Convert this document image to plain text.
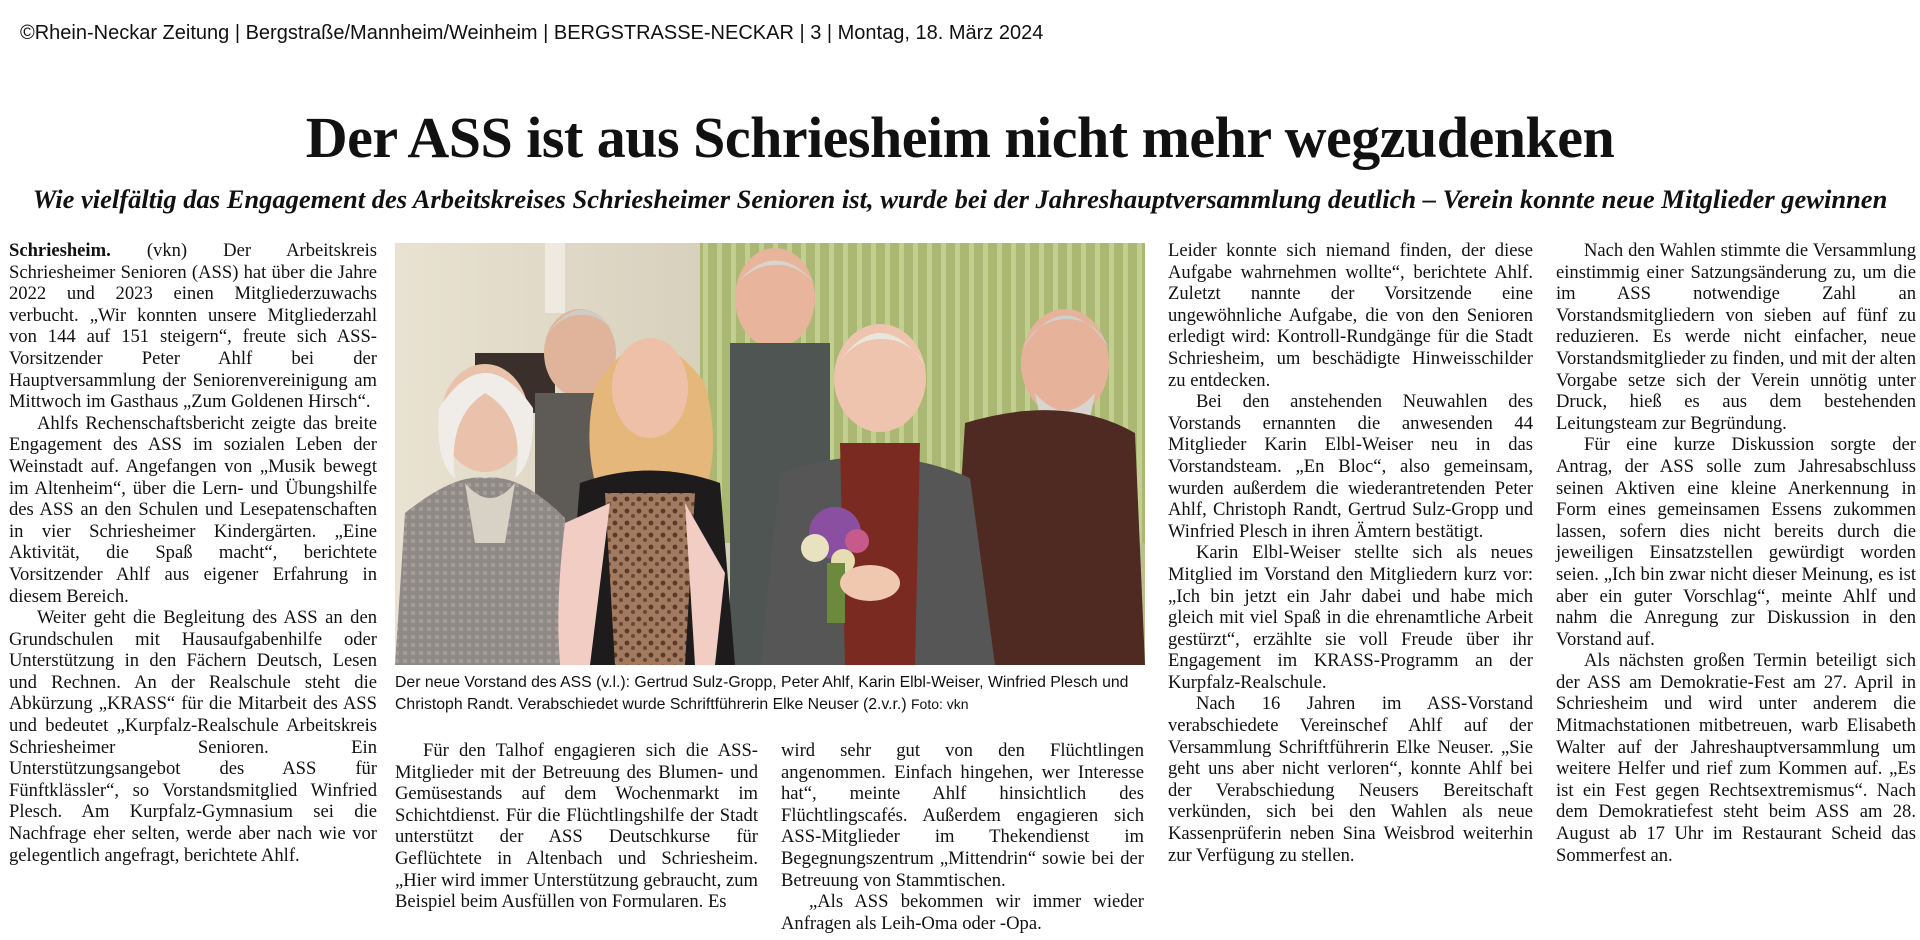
©Rhein-Neckar Zeitung | Bergstraße/Mannheim/Weinheim | BERGSTRASSE-NECKAR | 3 | Montag, 18. März 2024
Der ASS ist aus Schriesheim nicht mehr wegzudenken
Wie vielfältig das Engagement des Arbeitskreises Schriesheimer Senioren ist, wurde bei der Jahreshauptversammlung deutlich – Verein konnte neue Mitglieder gewinnen

Schriesheim. (vkn) Der Arbeitskreis Schriesheimer Senioren (ASS) hat über die Jahre 2022 und 2023 einen Mitgliederzuwachs verbucht. „Wir konnten unsere Mitgliederzahl von 144 auf 151 steigern“, freute sich ASS-Vorsitzender Peter Ahlf bei der Hauptversammlung der Seniorenvereinigung am Mittwoch im Gasthaus „Zum Goldenen Hirsch“.

Ahlfs Rechenschaftsbericht zeigte das breite Engagement des ASS im sozialen Leben der Weinstadt auf. Angefangen von „Musik bewegt im Altenheim“, über die Lern- und Übungshilfe des ASS an den Schulen und Lesepatenschaften in vier Schriesheimer Kindergärten. „Eine Aktivität, die Spaß macht“, berichtete Vorsitzender Ahlf aus eigener Erfahrung in diesem Bereich.

Weiter geht die Begleitung des ASS an den Grundschulen mit Hausaufgabenhilfe oder Unterstützung in den Fächern Deutsch, Lesen und Rechnen. An der Realschule steht die Abkürzung „KRASS“ für die Mitarbeit des ASS und bedeutet „Kurpfalz-Realschule Arbeitskreis Schriesheimer Senioren. Ein Unterstützungsangebot des ASS für Fünftklässler“, so Vorstandsmitglied Winfried Plesch. Am Kurpfalz-Gymnasium sei die Nachfrage eher selten, werde aber nach wie vor gelegentlich angefragt, berichtete Ahlf.

Der neue Vorstand des ASS (v.l.): Gertrud Sulz-Gropp, Peter Ahlf, Karin Elbl-Weiser, Winfried Plesch und Christoph Randt. Verabschiedet wurde Schriftführerin Elke Neuser (2.v.r.) Foto: vkn

Für den Talhof engagieren sich die ASS-Mitglieder mit der Betreuung des Blumen- und Gemüsestands auf dem Wochenmarkt im Schichtdienst. Für die Flüchtlingshilfe der Stadt unterstützt der ASS Deutschkurse für Geflüchtete in Altenbach und Schriesheim. „Hier wird immer Unterstützung gebraucht, zum Beispiel beim Ausfüllen von Formularen. Es

wird sehr gut von den Flüchtlingen angenommen. Einfach hingehen, wer Interesse hat“, meinte Ahlf hinsichtlich des Flüchtlingscafés. Außerdem engagieren sich ASS-Mitglieder im Thekendienst im Begegnungszentrum „Mittendrin“ sowie bei der Betreuung von Stammtischen.

„Als ASS bekommen wir immer wieder Anfragen als Leih-Oma oder -Opa.

Leider konnte sich niemand finden, der diese Aufgabe wahrnehmen wollte“, berichtete Ahlf. Zuletzt nannte der Vorsitzende eine ungewöhnliche Aufgabe, die von den Senioren erledigt wird: Kontroll-Rundgänge für die Stadt Schriesheim, um beschädigte Hinweisschilder zu entdecken.

Bei den anstehenden Neuwahlen des Vorstands ernannten die anwesenden 44 Mitglieder Karin Elbl-Weiser neu in das Vorstandsteam. „En Bloc“, also gemeinsam, wurden außerdem die wiederantretenden Peter Ahlf, Christoph Randt, Gertrud Sulz-Gropp und Winfried Plesch in ihren Ämtern bestätigt.

Karin Elbl-Weiser stellte sich als neues Mitglied im Vorstand den Mitgliedern kurz vor: „Ich bin jetzt ein Jahr dabei und habe mich gleich mit viel Spaß in die ehrenamtliche Arbeit gestürzt“, erzählte sie voll Freude über ihr Engagement im KRASS-Programm an der Kurpfalz-Realschule.

Nach 16 Jahren im ASS-Vorstand verabschiedete Vereinschef Ahlf auf der Versammlung Schriftführerin Elke Neuser. „Sie geht uns aber nicht verloren“, konnte Ahlf bei der Verabschiedung Neusers Bereitschaft verkünden, sich bei den Wahlen als neue Kassenprüferin neben Sina Weisbrod weiterhin zur Verfügung zu stellen.

Nach den Wahlen stimmte die Versammlung einstimmig einer Satzungsänderung zu, um die im ASS notwendige Zahl an Vorstandsmitgliedern von sieben auf fünf zu reduzieren. Es werde nicht einfacher, neue Vorstandsmitglieder zu finden, und mit der alten Vorgabe setze sich der Verein unnötig unter Druck, hieß es aus dem bestehenden Leitungsteam zur Begründung.

Für eine kurze Diskussion sorgte der Antrag, der ASS solle zum Jahresabschluss seinen Aktiven eine kleine Anerkennung in Form eines gemeinsamen Essens zukommen lassen, sofern dies nicht bereits durch die jeweiligen Einsatzstellen gewürdigt worden seien. „Ich bin zwar nicht dieser Meinung, es ist aber ein guter Vorschlag“, meinte Ahlf und nahm die Anregung zur Diskussion in den Vorstand auf.

Als nächsten großen Termin beteiligt sich der ASS am Demokratie-Fest am 27. April in Schriesheim und wird unter anderem die Mitmachstationen mitbetreuen, warb Elisabeth Walter auf der Jahreshauptversammlung um weitere Helfer und rief zum Kommen auf. „Es ist ein Fest gegen Rechtsextremismus“. Nach dem Demokratiefest steht beim ASS am 28. August ab 17 Uhr im Restaurant Scheid das Sommerfest an.
